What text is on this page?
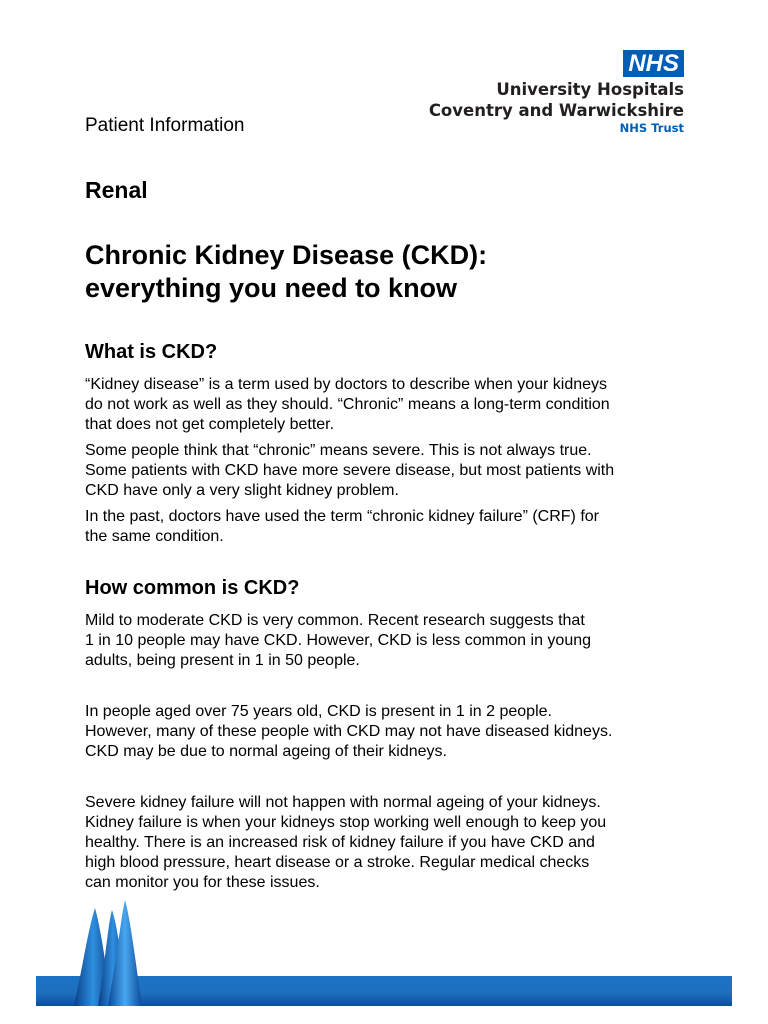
NHS
University Hospitals
Coventry and Warwickshire
NHS Trust
Patient Information
Renal
Chronic Kidney Disease (CKD):
everything you need to know
What is CKD?
“Kidney disease” is a term used by doctors to describe when your kidneys
do not work as well as they should. “Chronic” means a long-term condition
that does not get completely better.
Some people think that “chronic” means severe. This is not always true.
Some patients with CKD have more severe disease, but most patients with
CKD have only a very slight kidney problem.
In the past, doctors have used the term “chronic kidney failure” (CRF) for
the same condition.
How common is CKD?
Mild to moderate CKD is very common. Recent research suggests that
1 in 10 people may have CKD. However, CKD is less common in young
adults, being present in 1 in 50 people.
In people aged over 75 years old, CKD is present in 1 in 2 people.
However, many of these people with CKD may not have diseased kidneys.
CKD may be due to normal ageing of their kidneys.
Severe kidney failure will not happen with normal ageing of your kidneys.
Kidney failure is when your kidneys stop working well enough to keep you
healthy. There is an increased risk of kidney failure if you have CKD and
high blood pressure, heart disease or a stroke. Regular medical checks
can monitor you for these issues.
